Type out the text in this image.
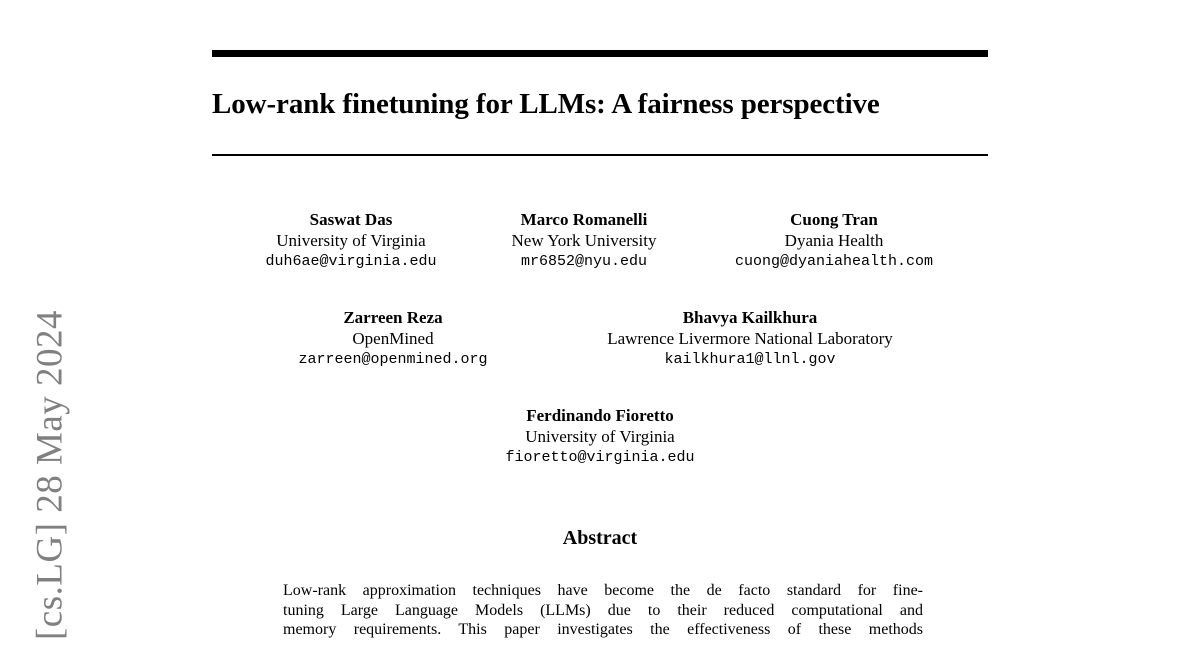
Low-rank finetuning for LLMs: A fairness perspective
Saswat Das
University of Virginia
duh6ae@virginia.edu
Marco Romanelli
New York University
mr6852@nyu.edu
Cuong Tran
Dyania Health
cuong@dyaniahealth.com
Zarreen Reza
OpenMined
zarreen@openmined.org
Bhavya Kailkhura
Lawrence Livermore National Laboratory
kailkhura1@llnl.gov
Ferdinando Fioretto
University of Virginia
fioretto@virginia.edu
Abstract
Low-rank approximation techniques have become the de facto standard for fine-
tuning Large Language Models (LLMs) due to their reduced computational and
memory requirements. This paper investigates the effectiveness of these methods
[cs.LG] 28 May 2024
